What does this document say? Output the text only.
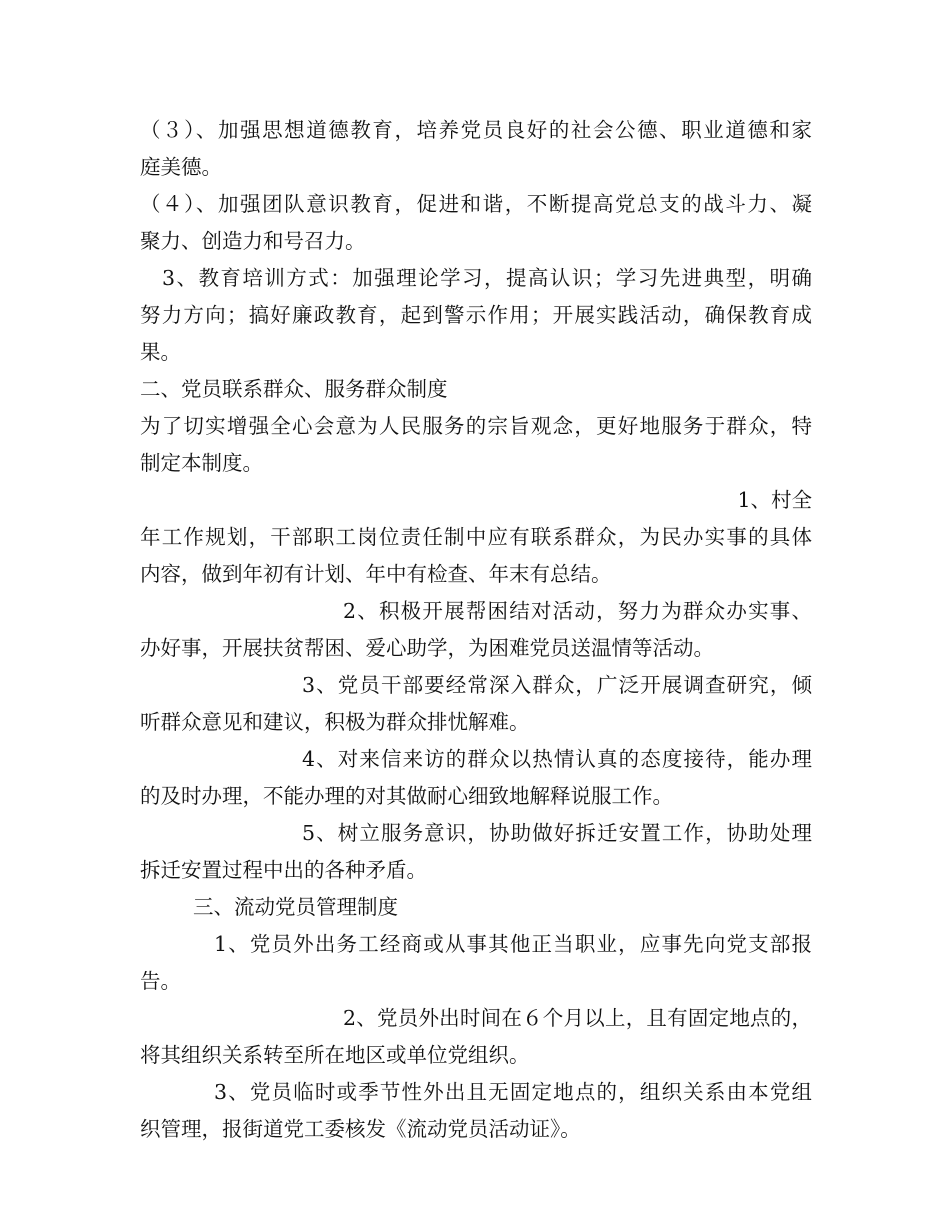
（３）、加强思想道德教育，培养党员良好的社会公德、职业道德和家
庭美德。
（４）、加强团队意识教育，促进和谐，不断提高党总支的战斗力、凝
聚力、创造力和号召力。
3、教育培训方式：加强理论学习，提高认识；学习先进典型，明确
努力方向；搞好廉政教育，起到警示作用；开展实践活动，确保教育成
果。
二、党员联系群众、服务群众制度
为了切实增强全心会意为人民服务的宗旨观念，更好地服务于群众，特
制定本制度。
1、村全
年工作规划，干部职工岗位责任制中应有联系群众，为民办实事的具体
内容，做到年初有计划、年中有检查、年末有总结。
2、积极开展帮困结对活动，努力为群众办实事、
办好事，开展扶贫帮困、爱心助学，为困难党员送温情等活动。
3、党员干部要经常深入群众，广泛开展调查研究，倾
听群众意见和建议，积极为群众排忧解难。
4、对来信来访的群众以热情认真的态度接待，能办理
的及时办理，不能办理的对其做耐心细致地解释说服工作。
5、树立服务意识，协助做好拆迁安置工作，协助处理
拆迁安置过程中出的各种矛盾。
三、流动党员管理制度
1、党员外出务工经商或从事其他正当职业，应事先向党支部报
告。
2、党员外出时间在６个月以上，且有固定地点的，
将其组织关系转至所在地区或单位党组织。
3、党员临时或季节性外出且无固定地点的，组织关系由本党组
织管理，报街道党工委核发《流动党员活动证》。
